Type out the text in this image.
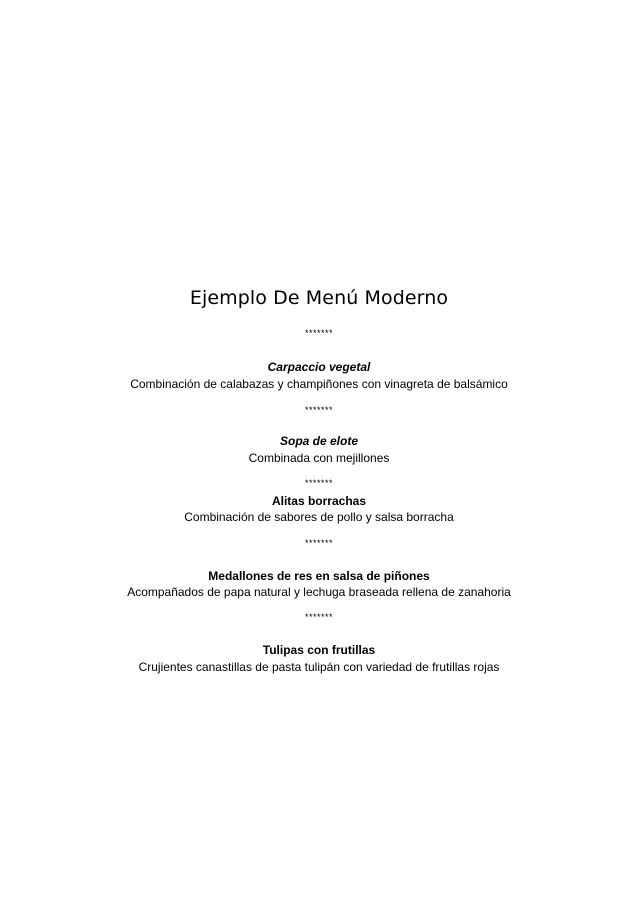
Ejemplo De Menú Moderno
*******
Carpaccio vegetal
Combinación de calabazas y champiñones con vinagreta de balsámico
*******
Sopa de elote
Combinada con mejillones
*******
Alitas borrachas
Combinación de sabores de pollo y salsa borracha
*******
Medallones de res en salsa de piñones
Acompañados de papa natural y lechuga braseada rellena de zanahoria
*******
Tulipas con frutillas
Crujientes canastillas de pasta tulipán con variedad de frutillas rojas
